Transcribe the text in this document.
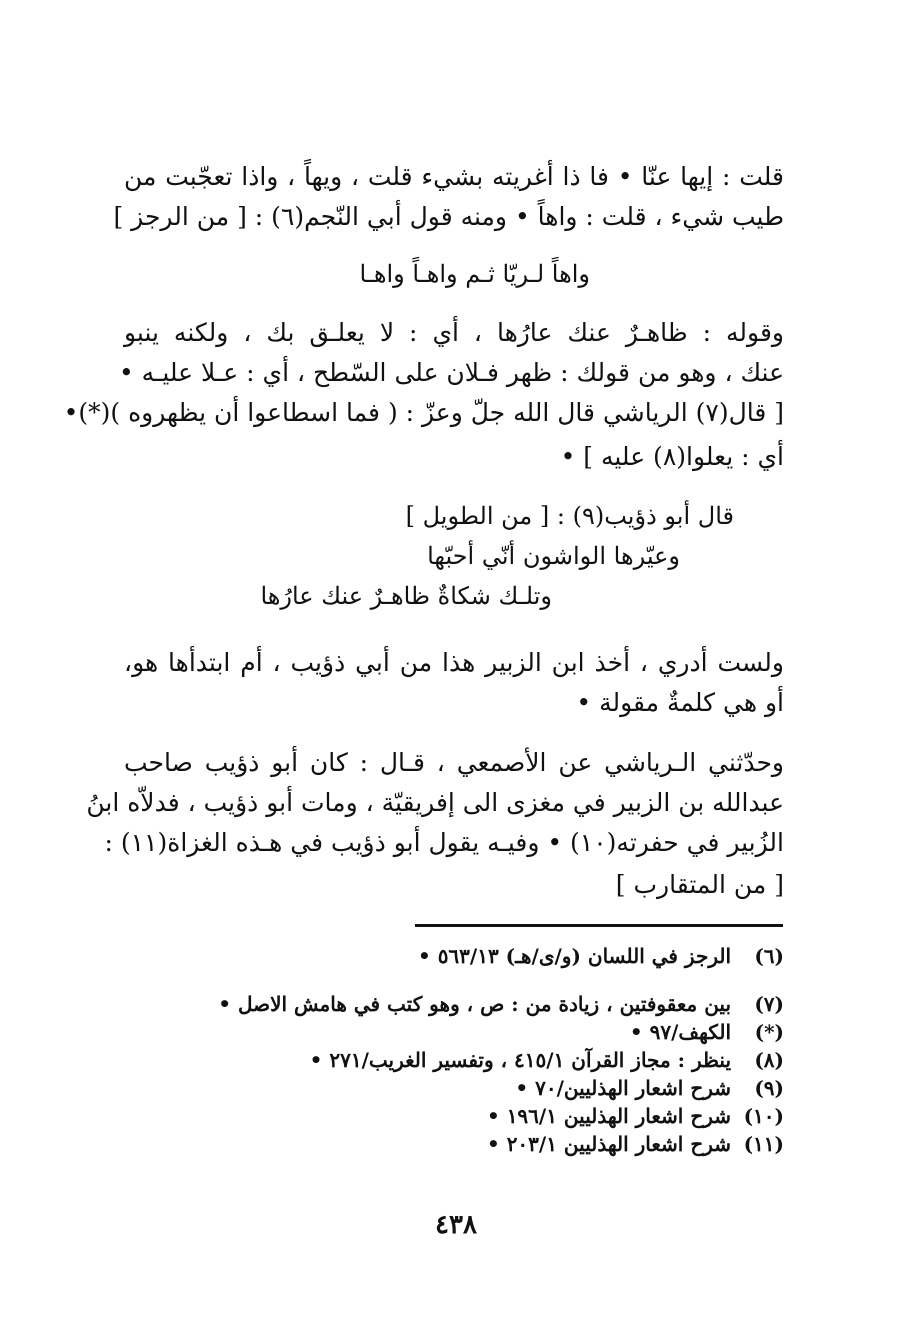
قلت : إيها عنّا • فا ذا أغريته بشيء قلت ، ويهاً ، واذا تعجّبت من
طيب شيء ، قلت : واهاً • ومنه قول أبي النّجم(٦) : [ من الرجز ]
واهاً لـريّا ثـم واهـاً واهـا
وقوله : ظاهـرٌ عنك عارُها ، أي : لا يعلـق بك ، ولكنه ينبو
عنك ، وهو من قولك : ظهر فـلان على السّطح ، أي : عـلا عليـه •
[ قال(٧) الرياشي قال الله جلّ وعزّ : ( فما اسطاعوا أن يظهروه )(*)•
أي : يعلوا(٨) عليه ] •
قال أبو ذؤيب(٩) : [ من الطويل ]
وعيّرها الواشون أنّي أحبّها
وتلـك شكاةٌ ظاهـرٌ عنك عارُها
ولست أدري ، أخذ ابن الزبير هذا من أبي ذؤيب ، أم ابتدأها هو،
أو هي كلمةٌ مقولة •
وحدّثني الـرياشي عن الأصمعي ، قـال : كان أبو ذؤيب صاحب
عبدالله بن الزبير في مغزى الى إفريقيّة ، ومات أبو ذؤيب ، فدلاّه ابنُ
الزُبير في حفرته(١٠) • وفيـه يقول أبو ذؤيب في هـذه الغزاة(١١) :
[ من المتقارب ]
(٦) الرجز في اللسان (و/ى/هـ) ٥٦٣/١٣ •
(٧) بين معقوفتين ، زيادة من : ص ، وهو كتب في هامش الاصل •
(*) الكهف/٩٧ •
(٨) ينظر : مجاز القرآن ٤١٥/١ ، وتفسير الغريب/٢٧١ •
(٩) شرح اشعار الهذليين/٧٠ •
(١٠) شرح اشعار الهذليين ١٩٦/١ •
(١١) شرح اشعار الهذليين ٢٠٣/١ •
٤٣٨
